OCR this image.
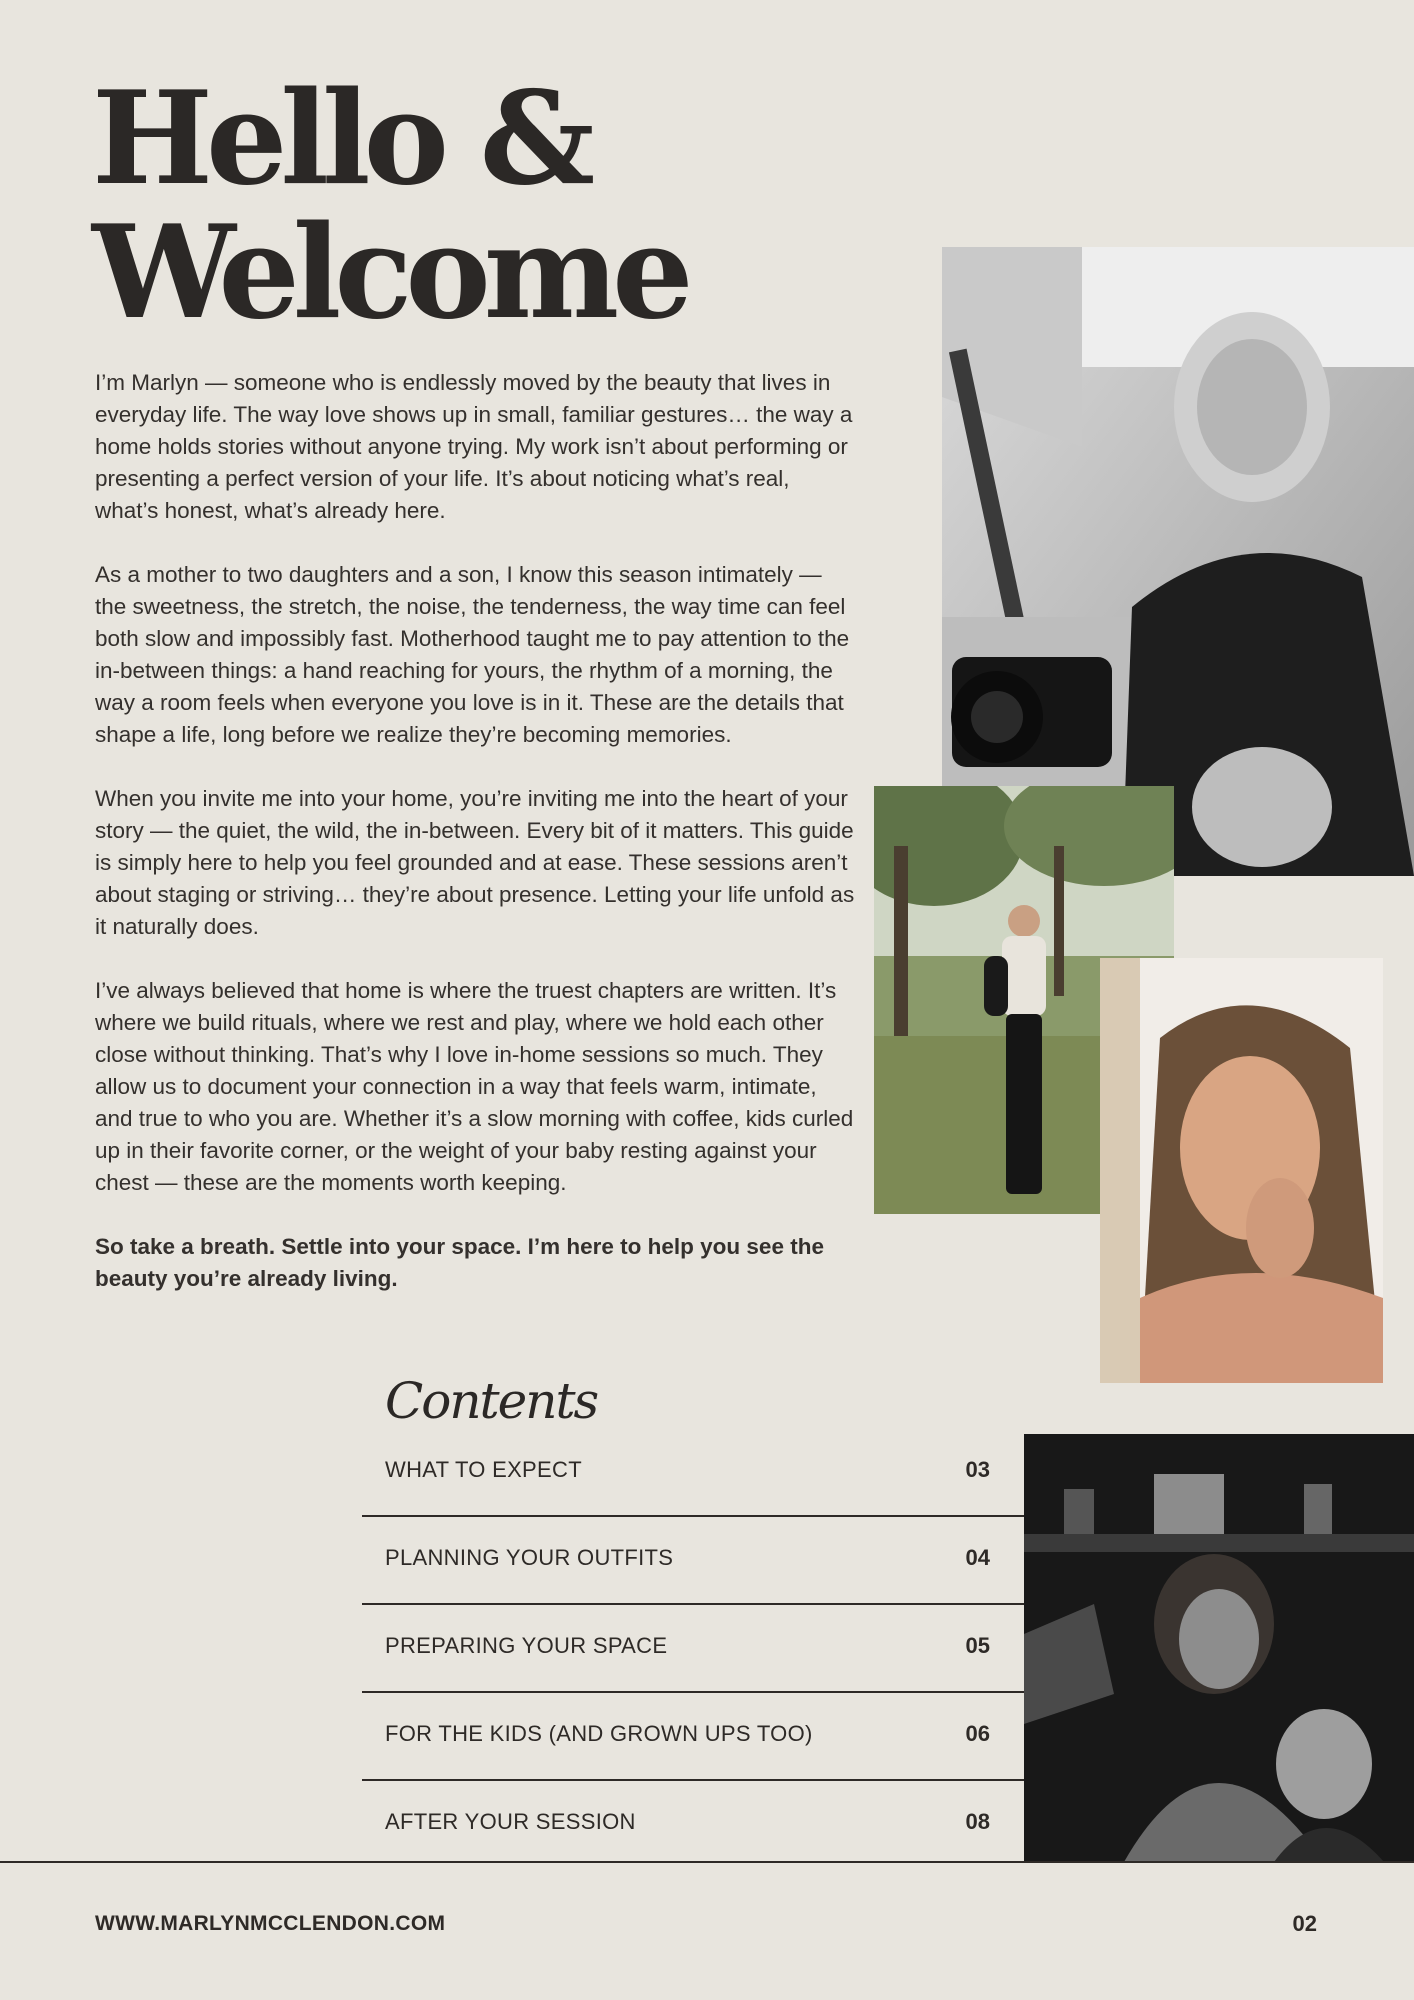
Hello &
Welcome

I’m Marlyn — someone who is endlessly moved by the beauty that lives in everyday life. The way love shows up in small, familiar gestures… the way a home holds stories without anyone trying. My work isn’t about performing or presenting a perfect version of your life. It’s about noticing what’s real, what’s honest, what’s already here.

As a mother to two daughters and a son, I know this season intimately — the sweetness, the stretch, the noise, the tenderness, the way time can feel both slow and impossibly fast. Motherhood taught me to pay attention to the in-between things: a hand reaching for yours, the rhythm of a morning, the way a room feels when everyone you love is in it. These are the details that shape a life, long before we realize they’re becoming memories.

When you invite me into your home, you’re inviting me into the heart of your story — the quiet, the wild, the in-between. Every bit of it matters. This guide is simply here to help you feel grounded and at ease. These sessions aren’t about staging or striving… they’re about presence. Letting your life unfold as it naturally does.

I’ve always believed that home is where the truest chapters are written. It’s where we build rituals, where we rest and play, where we hold each other close without thinking. That’s why I love in-home sessions so much. They allow us to document your connection in a way that feels warm, intimate, and true to who you are. Whether it’s a slow morning with coffee, kids curled up in their favorite corner, or the weight of your baby resting against your chest — these are the moments worth keeping.

So take a breath. Settle into your space. I’m here to help you see the beauty you’re already living.

Contents
WHAT TO EXPECT	03
PLANNING YOUR OUTFITS	04
PREPARING YOUR SPACE	05
FOR THE KIDS (AND GROWN UPS TOO)	06
AFTER YOUR SESSION	08
WWW.MARLYNMCCLENDON.COM	02
